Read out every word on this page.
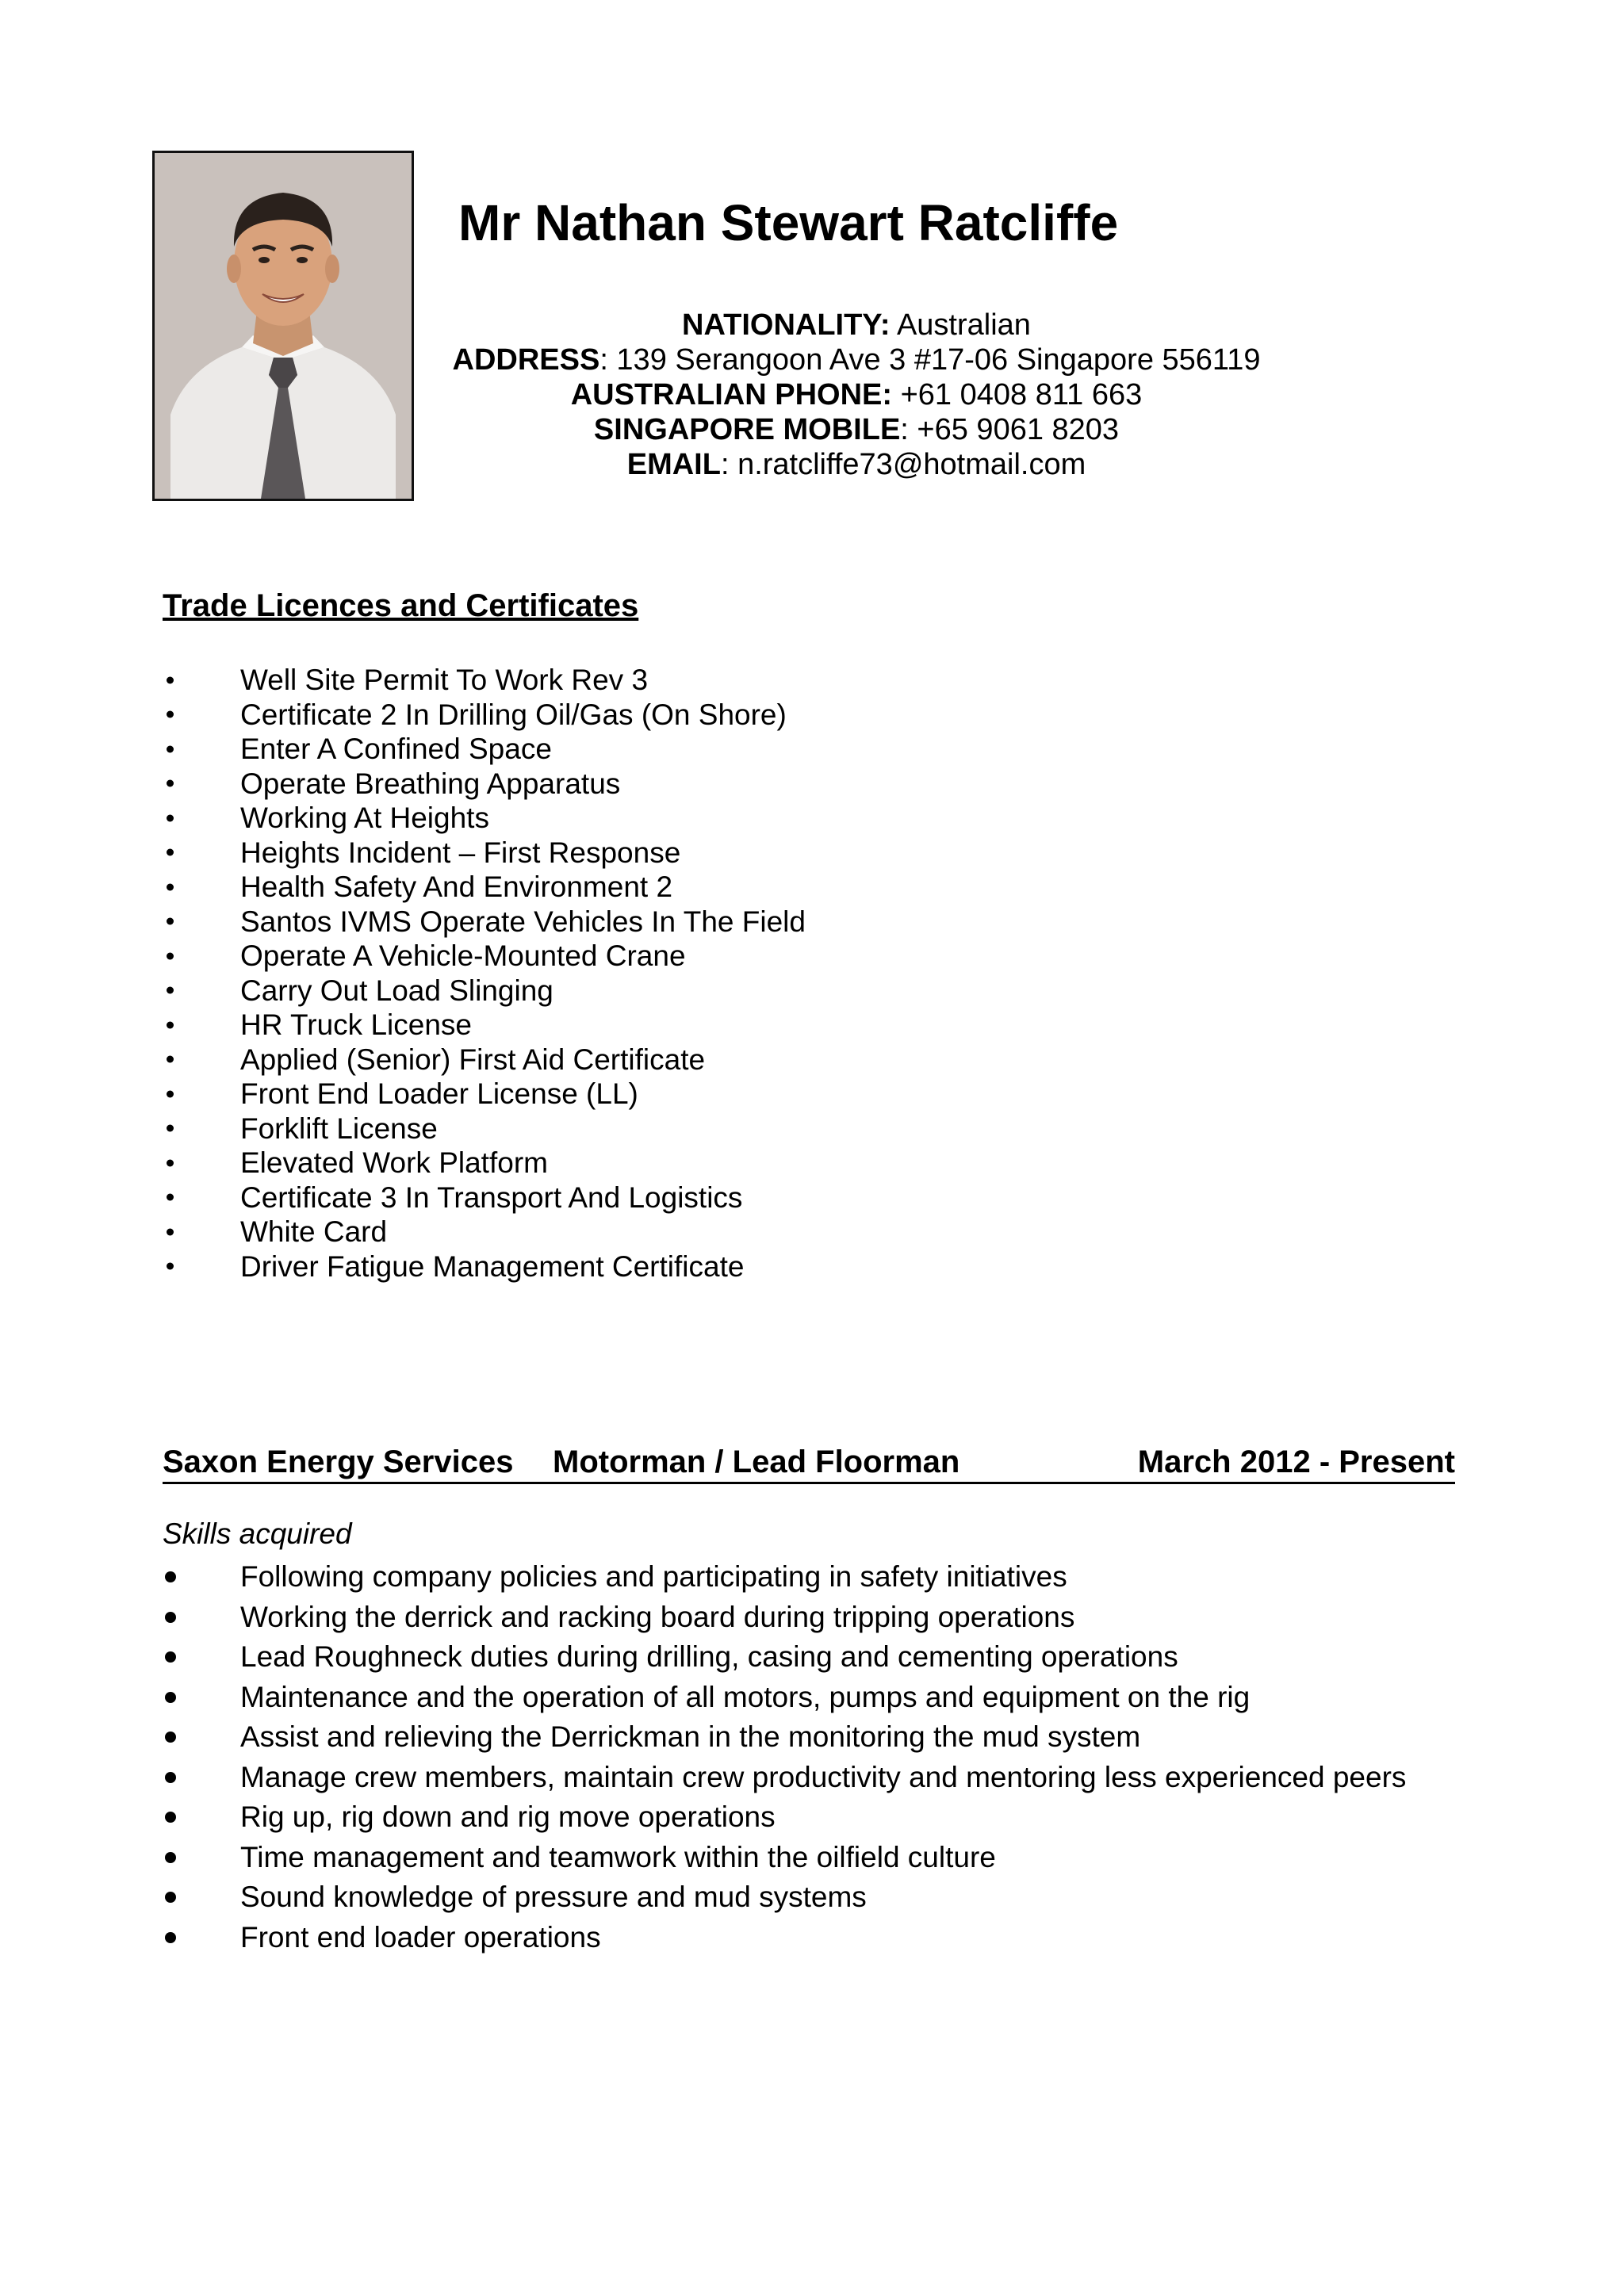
Mr Nathan Stewart Ratcliffe
NATIONALITY: Australian
ADDRESS: 139 Serangoon Ave 3 #17-06 Singapore 556119
AUSTRALIAN PHONE: +61 0408 811 663
SINGAPORE MOBILE: +65 9061 8203
EMAIL: n.ratcliffe73@hotmail.com
Trade Licences and Certificates
Well Site Permit To Work Rev 3
Certificate 2 In Drilling Oil/Gas (On Shore)
Enter A Confined Space
Operate Breathing Apparatus
Working At Heights
Heights Incident – First Response
Health Safety And Environment 2
Santos IVMS Operate Vehicles In The Field
Operate A Vehicle-Mounted Crane
Carry Out Load Slinging
HR Truck License
Applied (Senior) First Aid Certificate
Front End Loader License (LL)
Forklift License
Elevated Work Platform
Certificate 3 In Transport And Logistics
White Card
Driver Fatigue Management Certificate
Saxon Energy Services Motorman / Lead Floorman	March 2012 - Present
Skills acquired
Following company policies and participating in safety initiatives
Working the derrick and racking board during tripping operations
Lead Roughneck duties during drilling, casing and cementing operations
Maintenance and the operation of all motors, pumps and equipment on the rig
Assist and relieving the Derrickman in the monitoring the mud system
Manage crew members, maintain crew productivity and mentoring less experienced peers
Rig up, rig down and rig move operations
Time management and teamwork within the oilfield culture
Sound knowledge of pressure and mud systems
Front end loader operations
